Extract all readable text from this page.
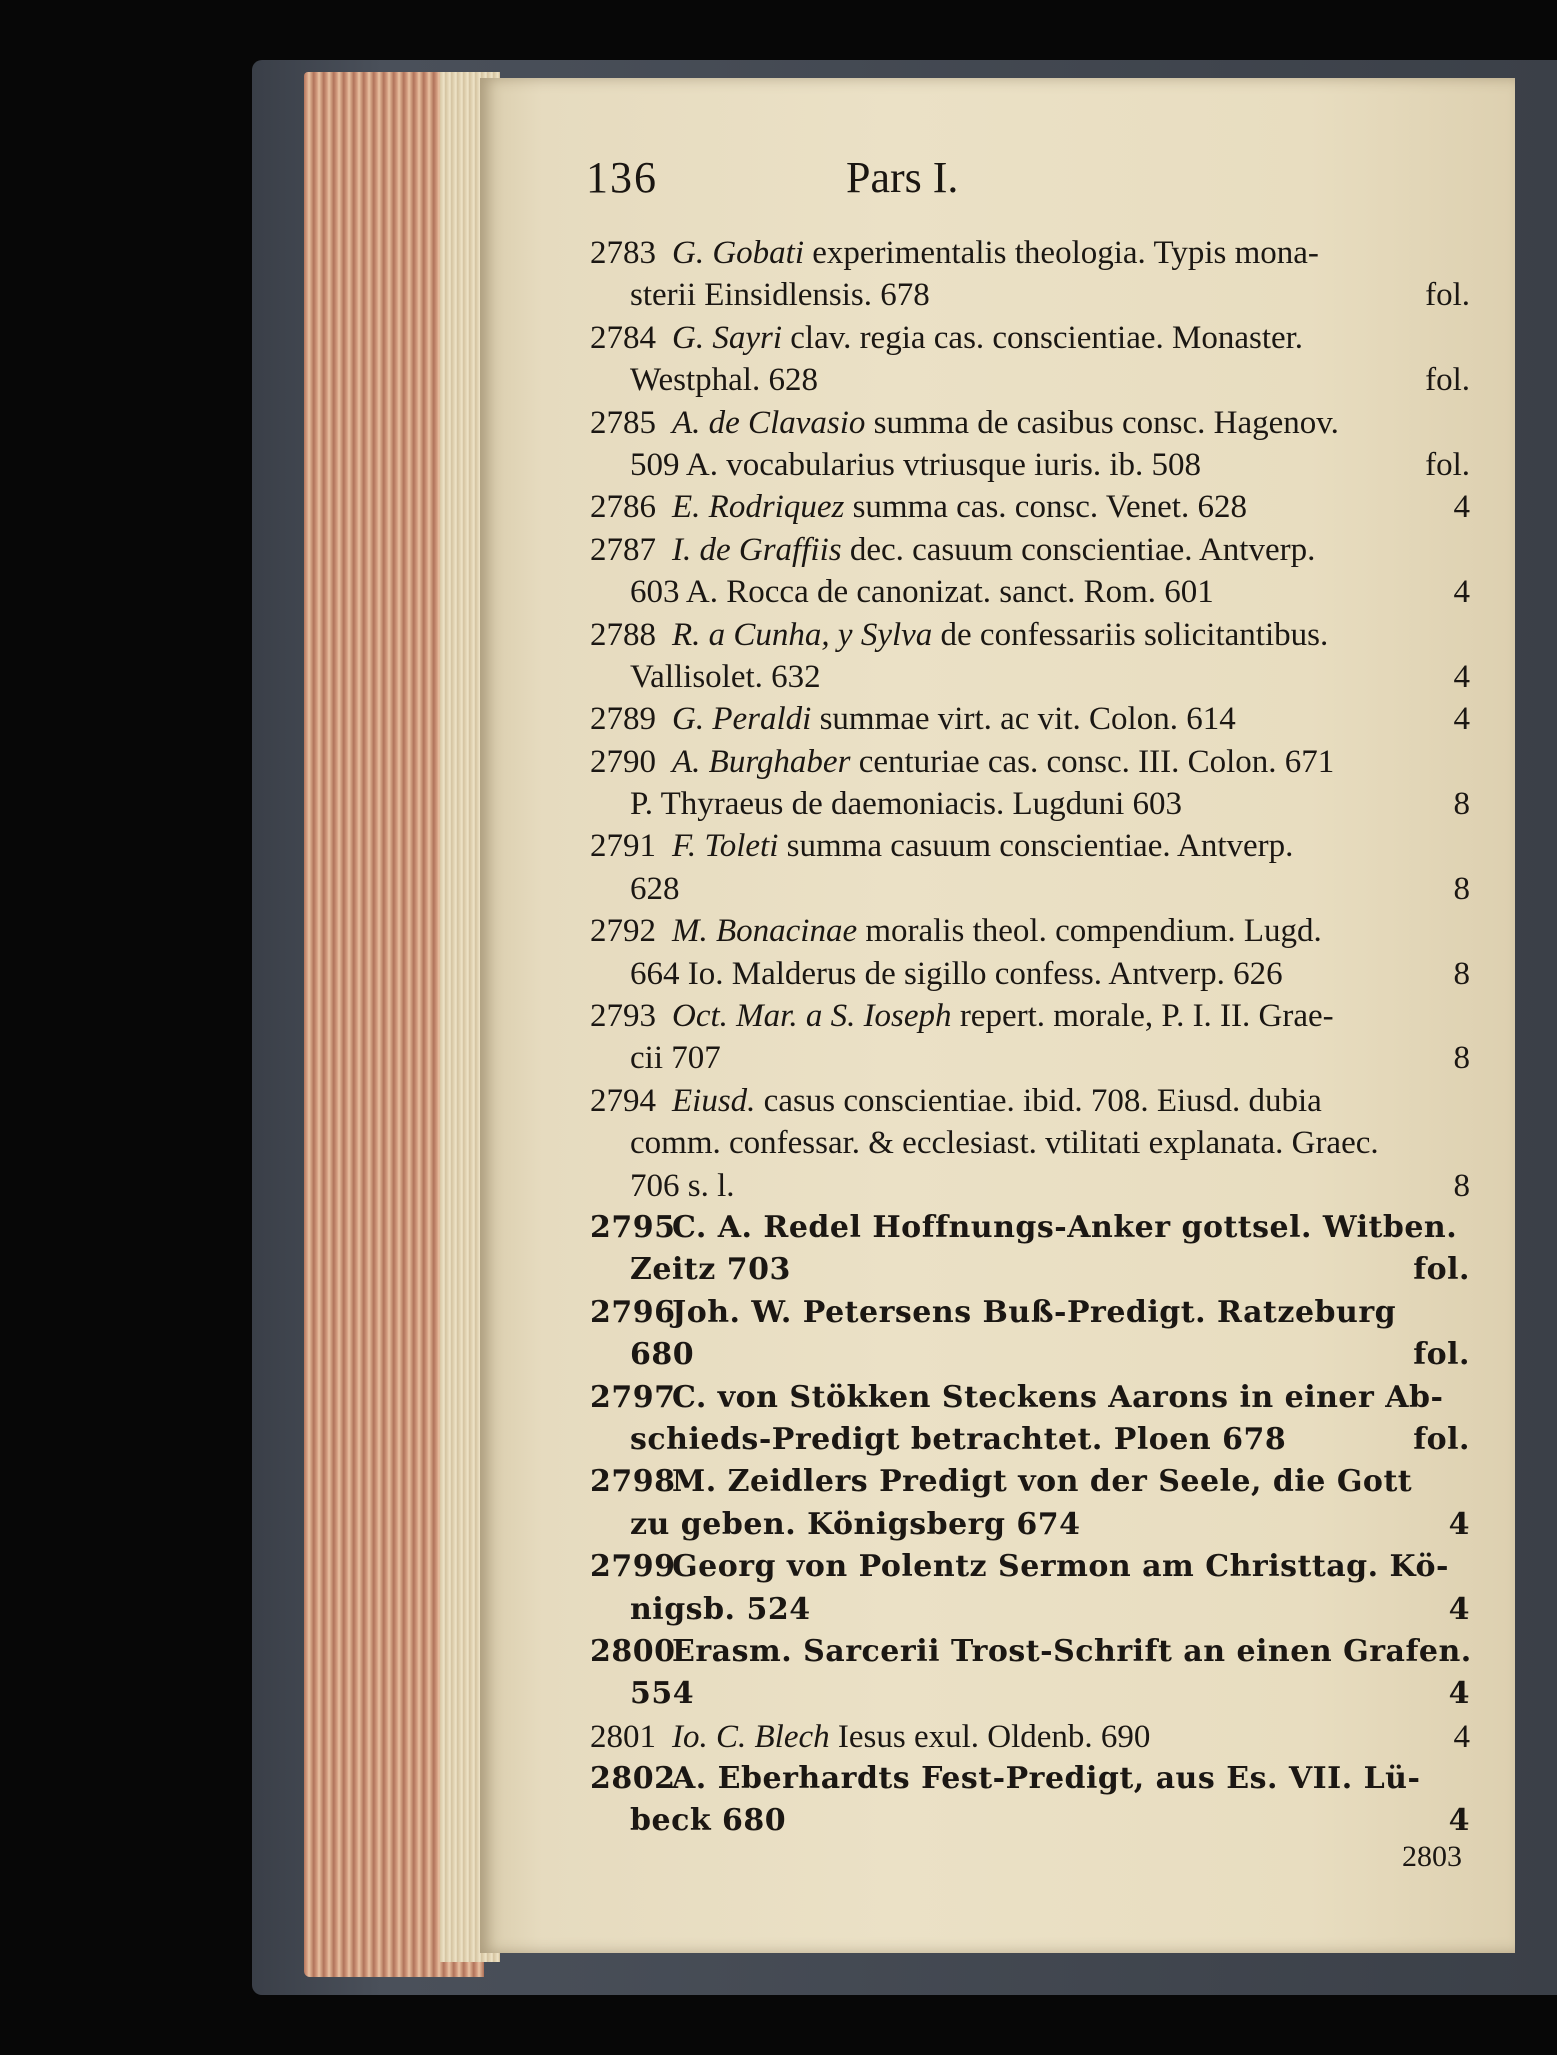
136	Pars I.
2783 G. Gobati experimentalis theologia. Typis mona-
sterii Einsidlensis. 678	fol.
2784 G. Sayri clav. regia cas. conscientiae. Monaster.
Westphal. 628	fol.
2785 A. de Clavasio summa de casibus consc. Hagenov.
509 A. vocabularius vtriusque iuris. ib. 508	fol.
2786 E. Rodriquez summa cas. consc. Venet. 628	4
2787 I. de Graffiis dec. casuum conscientiae. Antverp.
603 A. Rocca de canonizat. sanct. Rom. 601	4
2788 R. a Cunha, y Sylva de confessariis solicitantibus.
Vallisolet. 632	4
2789 G. Peraldi summae virt. ac vit. Colon. 614	4
2790 A. Burghaber centuriae cas. consc. III. Colon. 671
P. Thyraeus de daemoniacis. Lugduni 603	8
2791 F. Toleti summa casuum conscientiae. Antverp.
628	8
2792 M. Bonacinae moralis theol. compendium. Lugd.
664 Io. Malderus de sigillo confess. Antverp. 626	8
2793 Oct. Mar. a S. Ioseph repert. morale, P. I. II. Grae-
cii 707	8
2794 Eiusd. casus conscientiae. ibid. 708. Eiusd. dubia
comm. confessar. & ecclesiast. vtilitati explanata. Graec.
706 s. l.	8
2795
C. A. Redel Hoffnungs-Anker gottsel. Witben.
Zeitz 703	fol.
2796
Joh. W. Petersens Buß-Predigt. Ratzeburg
680	fol.
2797
C. von Stökken Steckens Aarons in einer Ab-
schieds-Predigt betrachtet. Ploen 678	fol.
2798
M. Zeidlers Predigt von der Seele, die Gott
zu geben. Königsberg 674	4
2799
Georg von Polentz Sermon am Christtag. Kö-
nigsb. 524	4
2800
Erasm. Sarcerii Trost-Schrift an einen Grafen.
554	4
2801 Io. C. Blech Iesus exul. Oldenb. 690	4
2802
A. Eberhardts Fest-Predigt, aus Es. VII. Lü-
beck 680	4
2803
